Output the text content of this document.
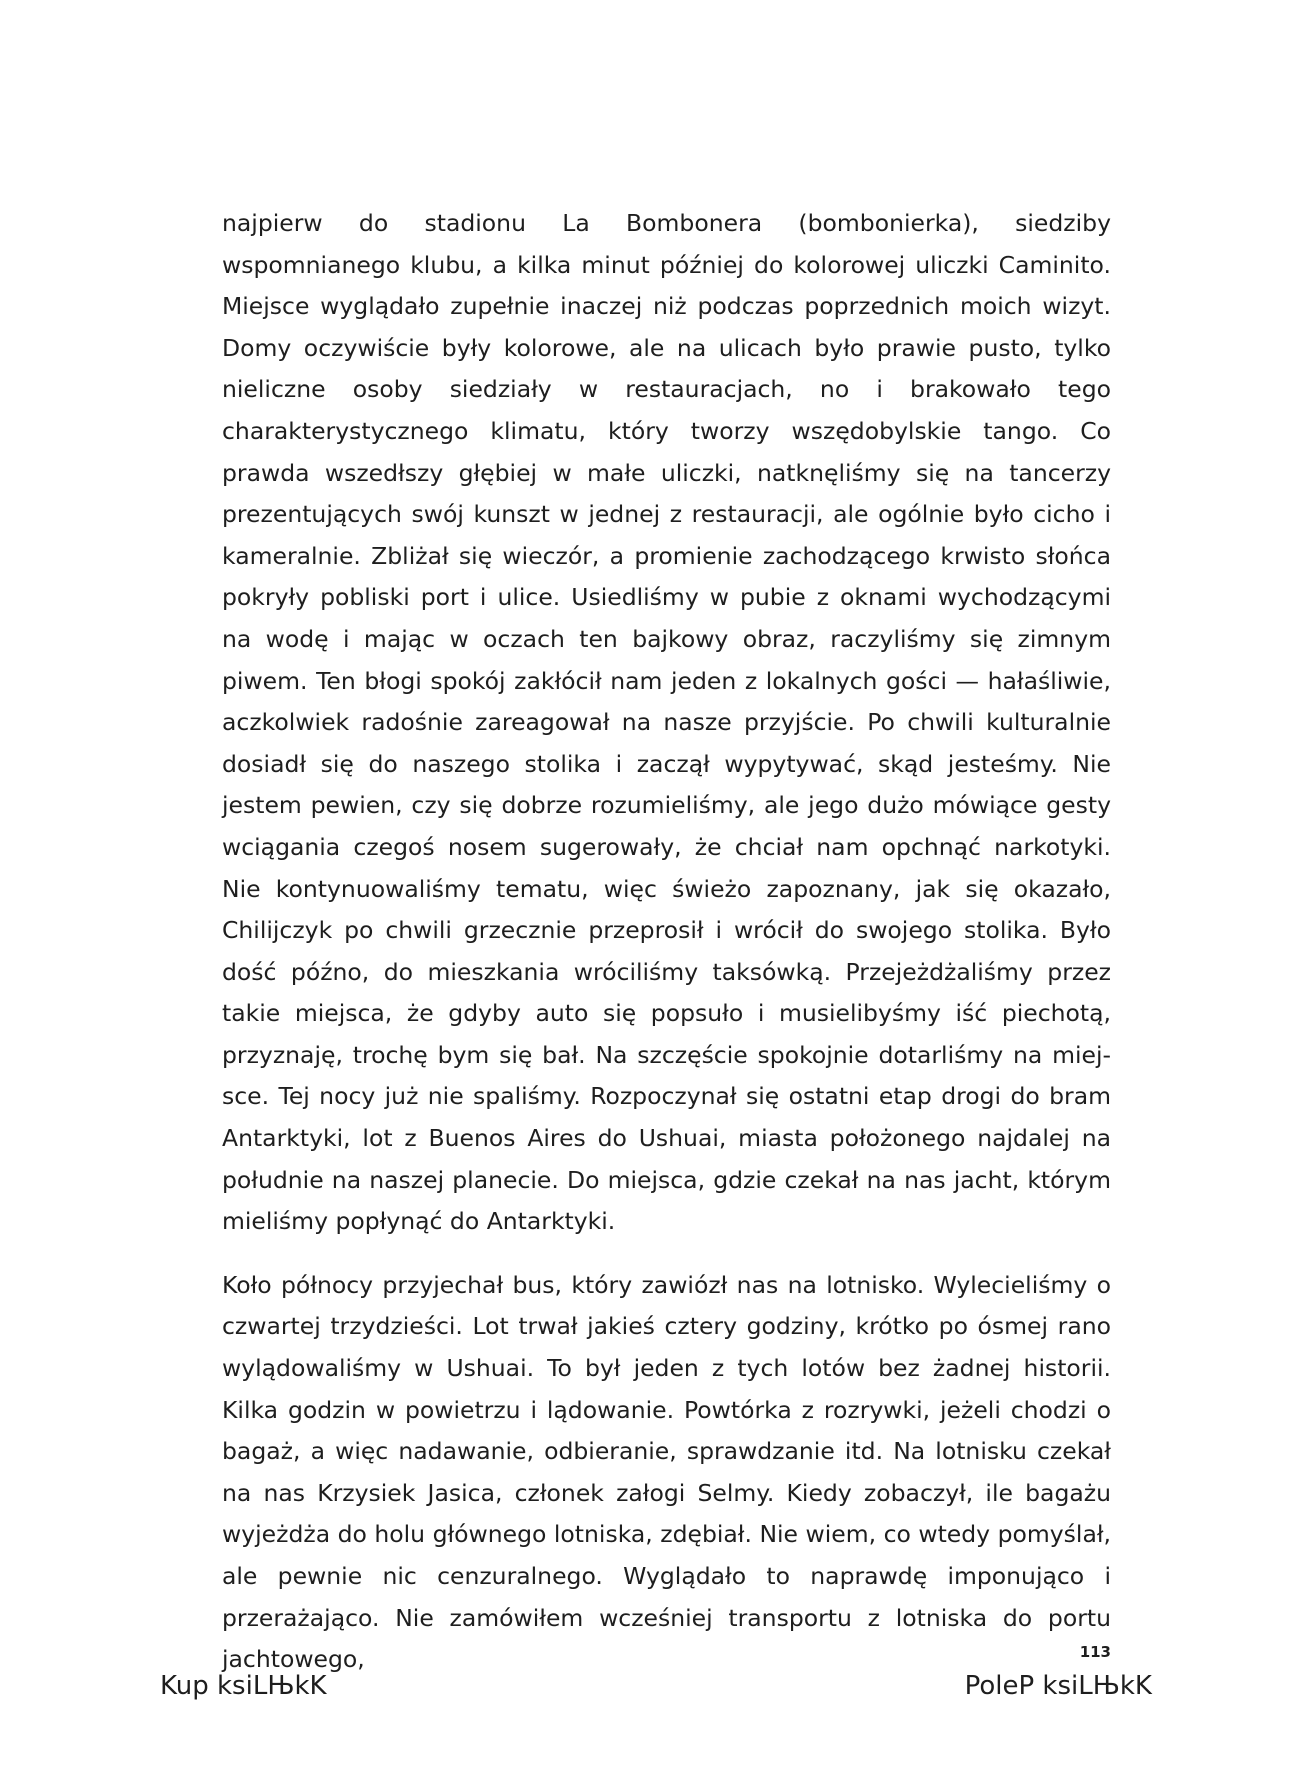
najpierw do stadionu La Bombonera (bombonierka), siedziby wspomnianego klubu, a kilka minut później do kolorowej uliczki Caminito. Miejsce wyglądało zupełnie inaczej niż podczas poprzednich moich wizyt. Domy oczywiście były kolorowe, ale na ulicach było prawie pusto, tylko nieliczne osoby siedziały w restauracjach, no i brakowało tego charakterystycznego klimatu, który tworzy wszędobylskie tango. Co prawda wszedłszy głębiej w małe uliczki, natknęliśmy się na tancerzy prezentujących swój kunszt w jednej z restauracji, ale ogólnie było cicho i kameralnie. Zbliżał się wieczór, a promienie zachodzącego krwisto słońca pokryły pobliski port i ulice. Usiedliśmy w pubie z oknami wychodzącymi na wodę i mając w oczach ten bajkowy obraz, raczyliśmy się zimnym piwem. Ten błogi spokój zakłócił nam jeden z lokalnych gości — hałaśliwie, aczkolwiek radośnie zareagował na nasze przyjście. Po chwili kulturalnie dosiadł się do naszego stolika i zaczął wypytywać, skąd jesteśmy. Nie jestem pewien, czy się dobrze rozumieliśmy, ale jego dużo mówiące gesty wciągania czegoś nosem sugerowały, że chciał nam opchnąć narkotyki. Nie kontynuowaliśmy tematu, więc świeżo zapoznany, jak się okazało, Chilijczyk po chwili grzecznie przeprosił i wrócił do swojego stolika. Było dość późno, do mieszkania wróciliśmy taksówką. Przejeżdżaliśmy przez takie miejsca, że gdyby auto się popsuło i musielibyśmy iść piechotą, przyznaję, trochę bym się bał. Na szczęście spokojnie dotarliśmy na miejsce. Tej nocy już nie spaliśmy. Rozpoczynał się ostatni etap drogi do bram Antarktyki, lot z Buenos Aires do Ushuai, miasta położonego najdalej na południe na naszej planecie. Do miejsca, gdzie czekał na nas jacht, którym mieliśmy popłynąć do Antarktyki.

Koło północy przyjechał bus, który zawiózł nas na lotnisko. Wylecieliśmy o czwartej trzydzieści. Lot trwał jakieś cztery godziny, krótko po ósmej rano wylądowaliśmy w Ushuai. To był jeden z tych lotów bez żadnej historii. Kilka godzin w powietrzu i lądowanie. Powtórka z rozrywki, jeżeli chodzi o bagaż, a więc nadawanie, odbieranie, sprawdzanie itd. Na lotnisku czekał na nas Krzysiek Jasica, członek załogi Selmy. Kiedy zobaczył, ile bagażu wyjeżdża do holu głównego lotniska, zdębiał. Nie wiem, co wtedy pomyślał, ale pewnie nic cenzuralnego. Wyglądało to naprawdę imponująco i przerażająco. Nie zamówiłem wcześniej transportu z lotniska do portu jachtowego,	113
Kup ksiLЊkK	PoleP ksiLЊkK
